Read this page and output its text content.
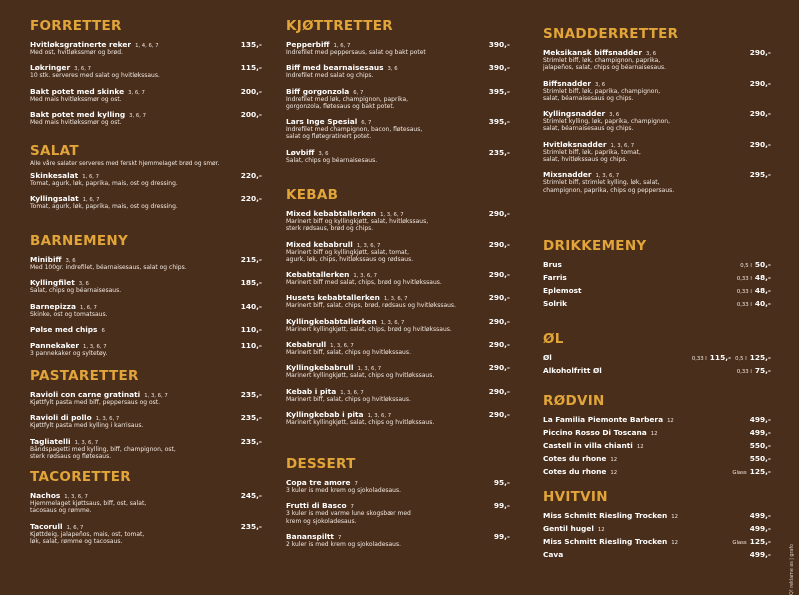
FORRETTER
Hvitløksgratinerte reker 1, 4, 6, 7	135,-
Med ost, hvitløkssmør og brød.
Løkringer 3, 6, 7	115,-
10 stk. serveres med salat og hvitløkssaus.
Bakt potet med skinke 3, 6, 7	200,-
Med mais hvitløkssmør og ost.
Bakt potet med kylling 3, 6, 7	200,-
Med mais hvitløkssmør og ost.
SALAT
Alle våre salater serveres med ferskt hjemmelaget brød og smør.
Skinkesalat 1, 6, 7	220,-
Tomat, agurk, løk, paprika, mais, ost og dressing.
Kyllingsalat 1, 6, 7	220,-
Tomat, agurk, løk, paprika, mais, ost og dressing.
BARNEMENY
Minibiff 3, 6	215,-
Med 100gr. indrefilet, béarnaisesaus, salat og chips.
Kyllingfilet 3, 6	185,-
Salat, chips og béarnaisesaus.
Barnepizza 1, 6, 7	140,-
Skinke, ost og tomatsaus.
Pølse med chips 6	110,-
Pannekaker 1, 3, 6, 7	110,-
3 pannekaker og syltetøy.
PASTARETTER
Ravioli con carne gratinati 1, 3, 6, 7	235,-
Kjøttfylt pasta med biff, peppersaus og ost.
Ravioli di pollo 1, 3, 6, 7	235,-
Kjøttfylt pasta med kylling i karrisaus.
Tagliatelli 1, 3, 6, 7	235,-
Båndspagetti med kylling, biff, champignon, ost,
sterk rødsaus og fløtesaus.
TACORETTER
Nachos 1, 3, 6, 7	245,-
Hjemmelaget kjøttsaus, biff, ost, salat,
tacosaus og rømme.
Tacorull 1, 6, 7	235,-
Kjøttdeig, jalapeños, mais, ost, tomat,
løk, salat, rømme og tacosaus.
KJØTTRETTER
Pepperbiff 1, 6, 7	390,-
Indrefilet med peppersaus, salat og bakt potet
Biff med bearnaisesaus 3, 6	390,-
Indrefilet med salat og chips.
Biff gorgonzola 6, 7	395,-
Indrefilet med løk, champignon, paprika,
gorgonzola, fløtesaus og bakt potet.
Lars Inge Spesial 6, 7	395,-
Indrefilet med champignon, bacon, fløtesaus,
salat og fløtegratinert potet.
Løvbiff 3, 6	235,-
Salat, chips og béarnaisesaus.
KEBAB
Mixed kebabtallerken 1, 3, 6, 7	290,-
Marinert biff og kyllingkjøtt, salat, hvitløkssaus,
sterk rødsaus, brød og chips.
Mixed kebabrull 1, 3, 6, 7	290,-
Marinert biff og kyllingkjøtt, salat, tomat,
agurk, løk, chips, hvitløkssaus og rødsaus.
Kebabtallerken 1, 3, 6, 7	290,-
Marinert biff med salat, chips, brød og hvitløkssaus.
Husets kebabtallerken 1, 3, 6, 7	290,-
Marinert biff, salat, chips, brød, rødsaus og hvitløkssaus.
Kyllingkebabtallerken 1, 3, 6, 7	290,-
Marinert kyllingkjøtt, salat, chips, brød og hvitløkssaus.
Kebabrull 1, 3, 6, 7	290,-
Marinert biff, salat, chips og hvitløkssaus.
Kyllingkebabrull 1, 3, 6, 7	290,-
Marinert kyllingkjøtt, salat, chips og hvitløkssaus.
Kebab i pita 1, 3, 6, 7	290,-
Marinert biff, salat, chips og hvitløkssaus.
Kyllingkebab i pita 1, 3, 6, 7	290,-
Marinert kyllingkjøtt, salat, chips og hvitløkssaus.
DESSERT
Copa tre amore 7	95,-
3 kuler is med krem og sjokoladesaus.
Frutti di Basco 7	99,-
3 kuler is med varme lune skogsbær med
krem og sjokoladesaus.
Bananspiltt 7	99,-
2 kuler is med krem og sjokoladesaus.
SNADDERRETTER
Meksikansk biffsnadder 3, 6	290,-
Strimlet biff, løk, champignon, paprika,
jalapeños, salat, chips og béarnaisesaus.
Biffsnadder 3, 6	290,-
Strimlet biff, løk, paprika, champignon,
salat, béarnaisesaus og chips.
Kyllingsnadder 3, 6	290,-
Strimlet kylling, løk, paprika, champignon,
salat, béarnaisesaus og chips.
Hvitløksnadder 1, 3, 6, 7	290,-
Strimlet biff, løk, paprika, tomat,
salat, hvitløkssaus og chips.
Mixsnadder 1, 3, 6, 7	295,-
Strimlet biff, strimlet kylling, løk, salat,
champignon, paprika, chips og peppersaus.
DRIKKEMENY
Brus	0,5 l 50,-
Farris	0,33 l 48,-
Eplemost	0,33 l 48,-
Solrik	0,33 l 40,-
ØL
Øl	0,33 l 115,- 0,5 l 125,-
Alkoholfritt Øl	0,33 l 75,-
RØDVIN
La Familia Piemonte Barbera 12	499,-
Piccino Rosso Di Toscana 12	499,-
Castell in villa chianti 12	550,-
Cotes du rhone 12	550,-
Cotes du rhone 12	Glass 125,-
HVITVIN
Miss Schmitt Riesling Trocken 12	499,-
Gentil hugel 12	499,-
Miss Schmitt Riesling Trocken 12	Glass 125,-
Cava	499,-	Q! reklame as | grafo
